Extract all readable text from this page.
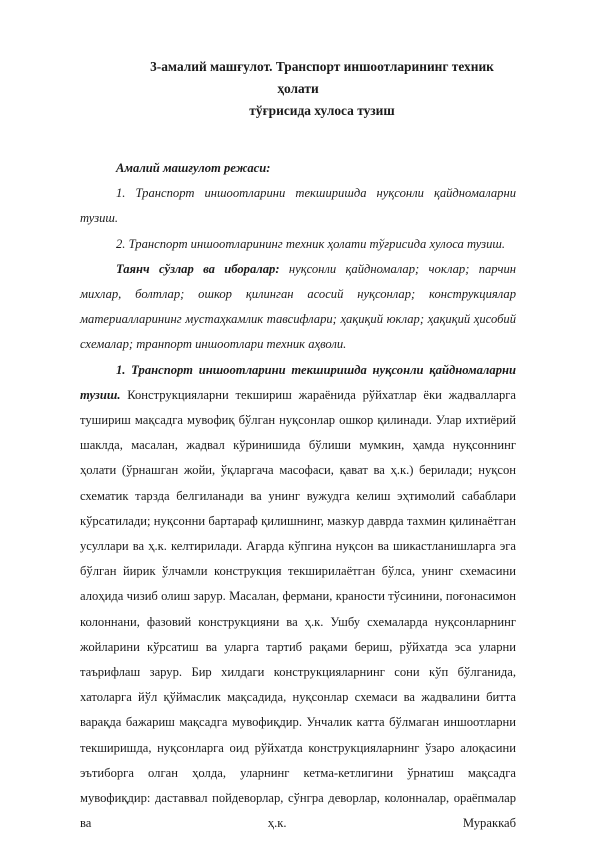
3-амалий машғулот. Транспорт иншоотларининг техник ҳолати
тўғрисида хулоса тузиш

Амалий машғулот режаси:

1. Транспорт иншоотларини текширишда нуқсонли қайдномаларни тузиш.

2. Транспорт иншоотларининг техник ҳолати тўғрисида хулоса тузиш.

Таянч сўзлар ва иборалар: нуқсонли қайдномалар; чоклар; парчин михлар, болтлар; ошкор қилинган асосий нуқсонлар; конструкциялар материалларининг мустаҳкамлик тавсифлари; ҳақиқий юклар; ҳақиқий ҳисобий схемалар; транпорт иншоотлари техник аҳволи.

1. Транспорт иншоотларини текширишда нуқсонли қайдномаларни тузиш. Конструкцияларни текшириш жараёнида рўйхатлар ёки жадвалларга тушириш мақсадга мувофиқ бўлган нуқсонлар ошкор қилинади. Улар ихтиёрий шаклда, масалан, жадвал кўринишида бўлиши мумкин, ҳамда нуқсоннинг ҳолати (ўрнашган жойи, ўқларгача масофаси, қават ва ҳ.к.) берилади; нуқсон схематик тарзда белгиланади ва унинг вужудга келиш эҳтимолий сабаблари кўрсатилади; нуқсонни бартараф қилишнинг, мазкур даврда тахмин қилинаётган усуллари ва ҳ.к. келтирилади. Агарда кўпгина нуқсон ва шикастланишларга эга бўлган йирик ўлчамли конструкция текширилаётган бўлса, унинг схемасини алоҳида чизиб олиш зарур. Масалан, фермани, краности тўсинини, поғонасимон колоннани, фазовий конструкцияни ва ҳ.к. Ушбу схемаларда нуқсонларнинг жойларини кўрсатиш ва уларга тартиб рақами бериш, рўйхатда эса уларни таърифлаш зарур. Бир хилдаги конструкцияларнинг сони кўп бўлганида, хатоларга йўл қўймаслик мақсадида, нуқсонлар схемаси ва жадвалини битта варақда бажариш мақсадга мувофиқдир. Унчалик катта бўлмаган иншоотларни текширишда, нуқсонларга оид рўйхатда конструкцияларнинг ўзаро алоқасини эътиборга олган ҳолда, уларнинг кетма-кетлигини ўрнатиш мақсадга мувофиқдир: даставвал пойдеворлар, сўнгра деворлар, колонналар, ораёпмалар ва ҳ.к. Мураккаб
